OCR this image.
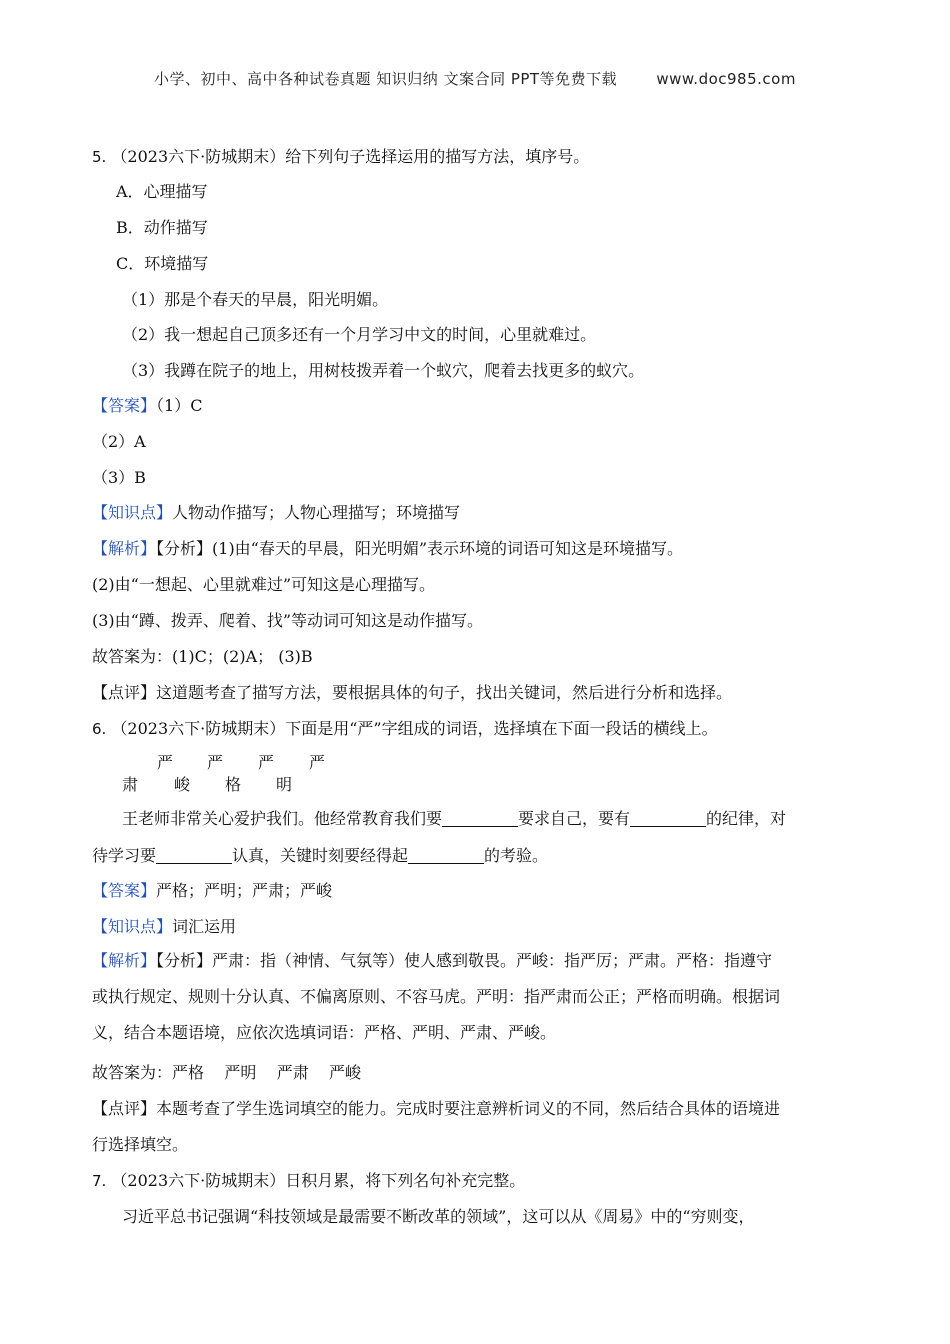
小学、初中、高中各种试卷真题 知识归纳 文案合同 PPT等免费下载	www.doc985.com
5. （2023六下·防城期末）给下列句子选择运用的描写方法，填序号。
A．心理描写
B．动作描写
C．环境描写
（1）那是个春天的早晨，阳光明媚。
（2）我一想起自己顶多还有一个月学习中文的时间，心里就难过。
（3）我蹲在院子的地上，用树枝拨弄着一个蚁穴，爬着去找更多的蚁穴。
【答案】（1）C
（2）A
（3）B
【知识点】人物动作描写；人物心理描写；环境描写
【解析】【分析】(1)由“春天的早晨，阳光明媚”表示环境的词语可知这是环境描写。
(2)由“一想起、心里就难过”可知这是心理描写。
(3)由“蹲、拨弄、爬着、找”等动词可知这是动作描写。
故答案为：(1)C；(2)A； (3)B
【点评】这道题考查了描写方法，要根据具体的句子，找出关键词，然后进行分析和选择。
6. （2023六下·防城期末）下面是用“严”字组成的词语，选择填在下面一段话的横线上。
严 严 严 严
肃 峻 格 明
王老师非常关心爱护我们。他经常教育我们要	要求自己，要有	的纪律，对
待学习要	认真，关键时刻要经得起	的考验。
【答案】严格；严明；严肃；严峻
【知识点】词汇运用
【解析】【分析】严肃：指（神情、气氛等）使人感到敬畏。严峻：指严厉；严肃。严格：指遵守
或执行规定、规则十分认真、不偏离原则、不容马虎。严明：指严肃而公正；严格而明确。根据词
义，结合本题语境，应依次选填词语：严格、严明、严肃、严峻。
故答案为：严格    严明    严肃    严峻
【点评】本题考查了学生选词填空的能力。完成时要注意辨析词义的不同，然后结合具体的语境进
行选择填空。
7. （2023六下·防城期末）日积月累，将下列名句补充完整。
习近平总书记强调“科技领域是最需要不断改革的领域”，这可以从《周易》中的“穷则变，
